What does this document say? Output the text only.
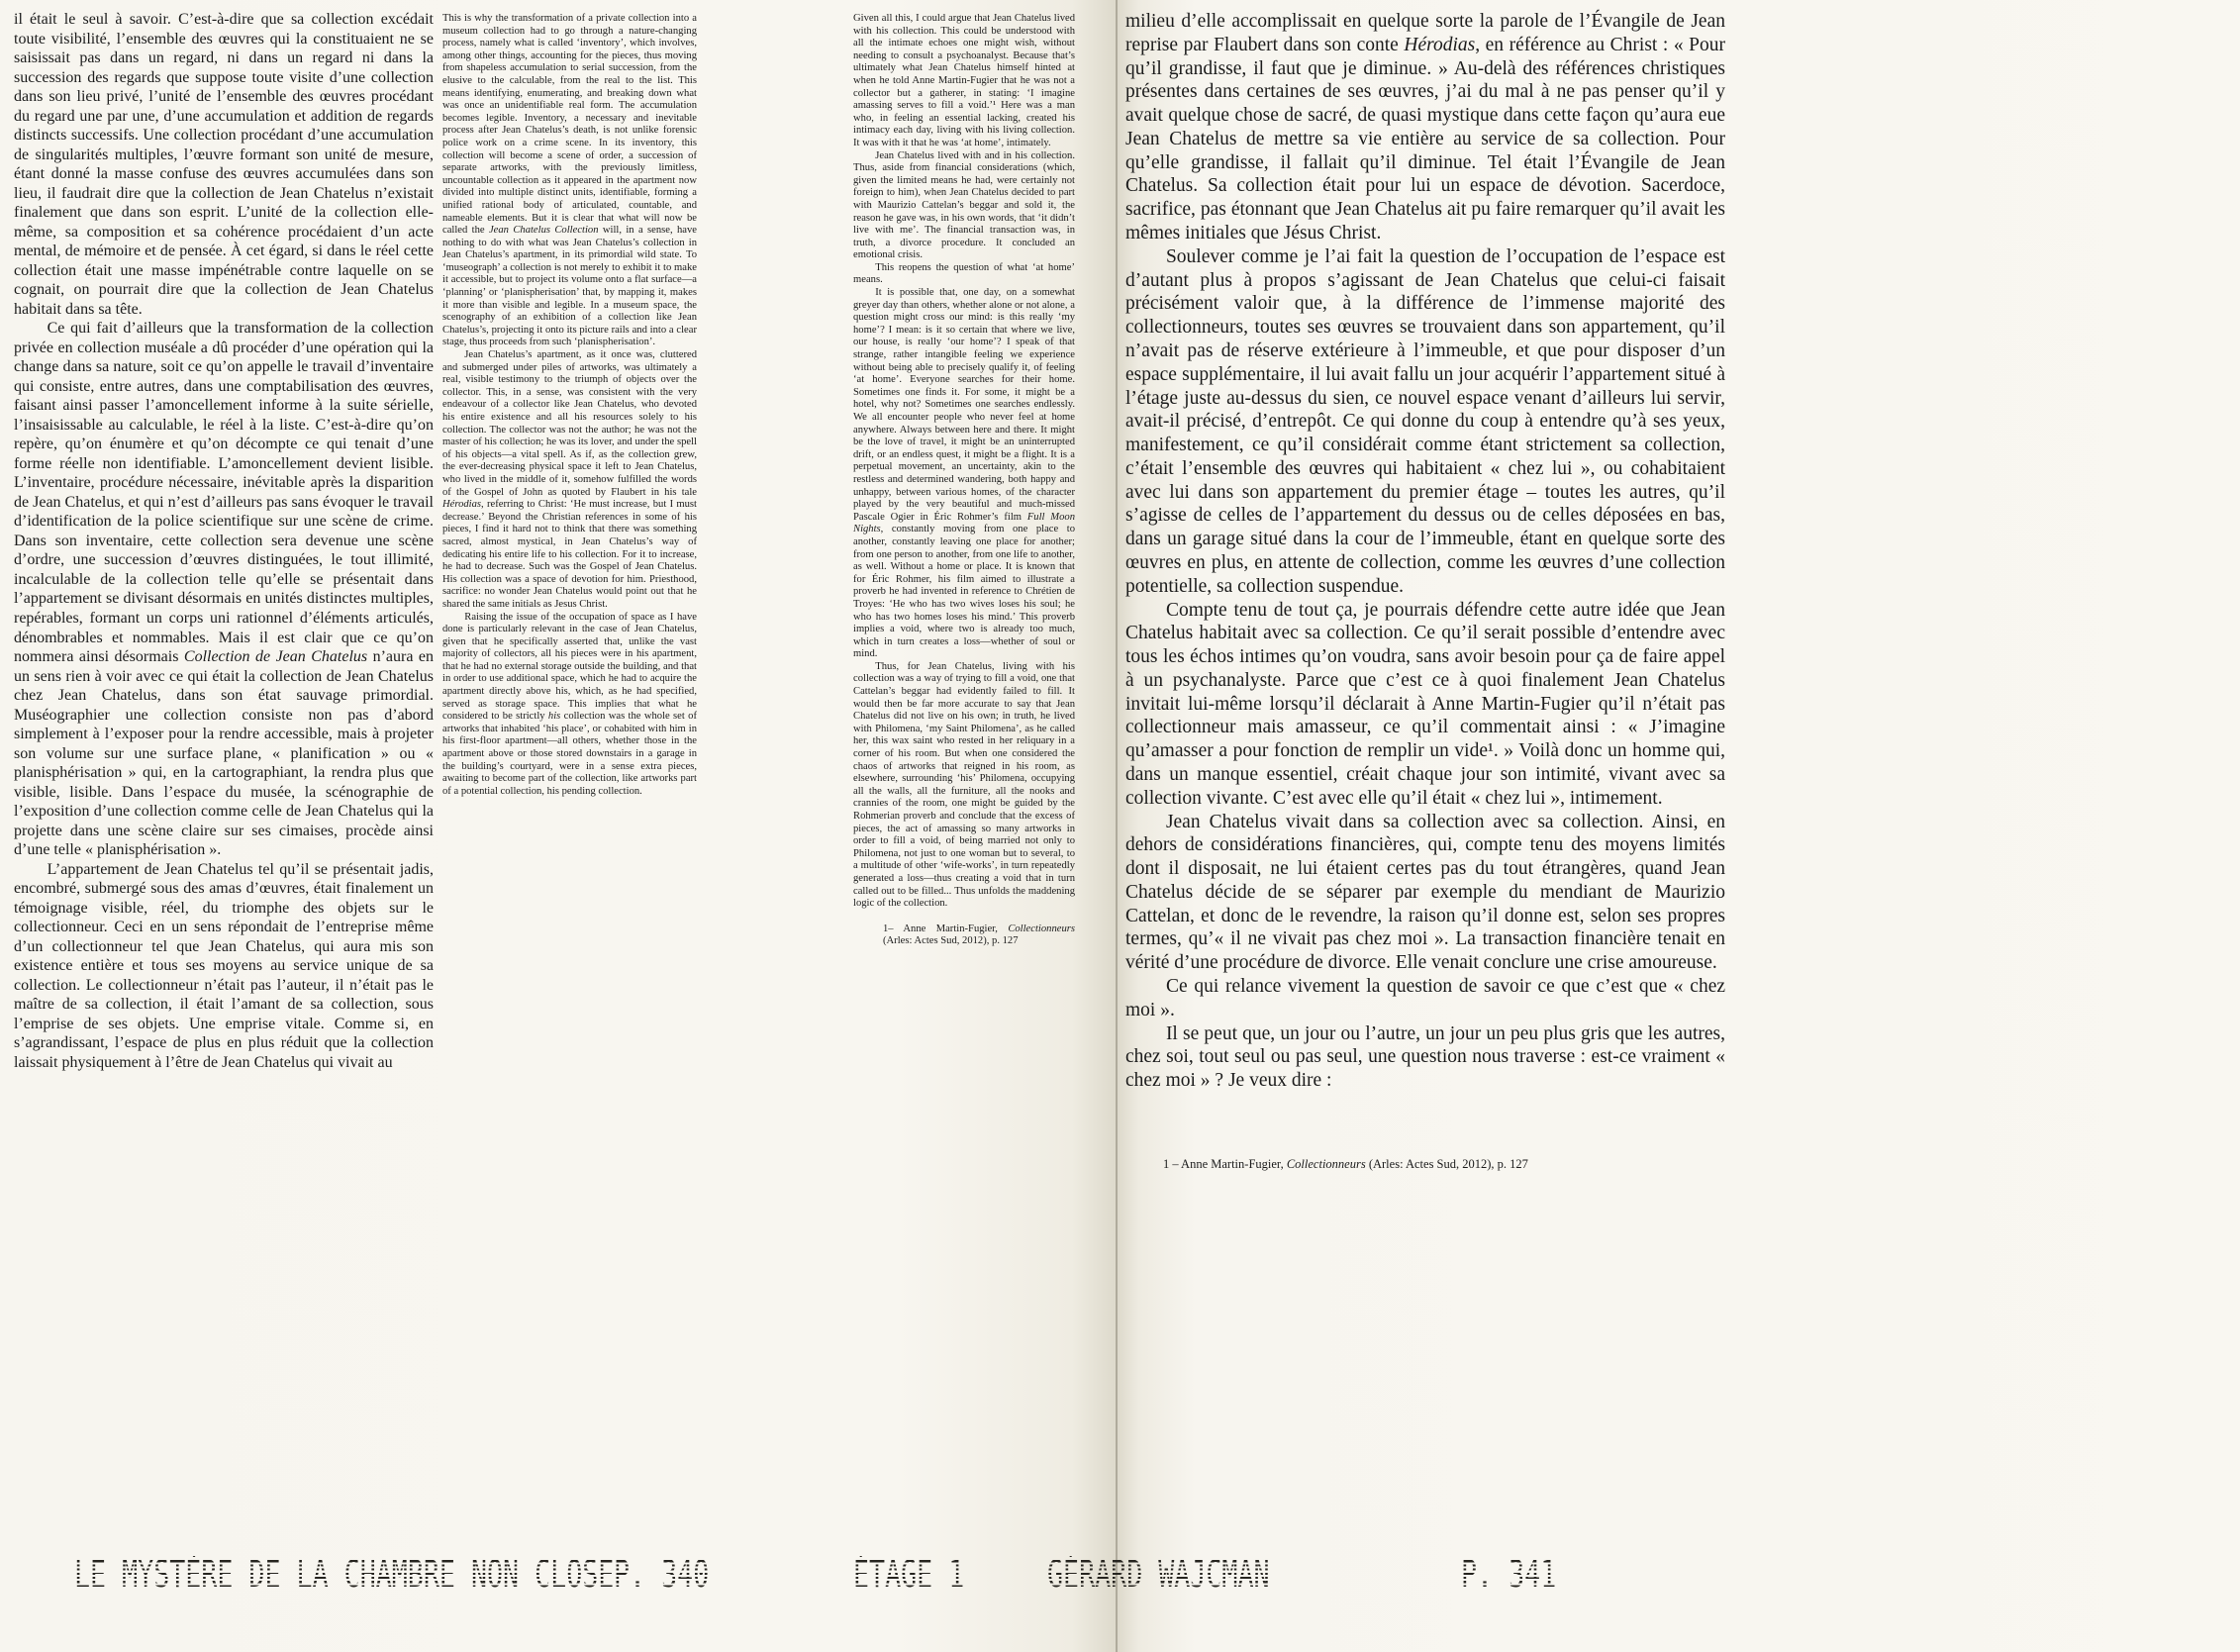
il était le seul à savoir. C’est-à-dire que sa collection excédait toute visibilité, l’ensemble des œuvres qui la constituaient ne se saisissait pas dans un regard, ni dans un regard ni dans la succession des regards que suppose toute visite d’une collection dans son lieu privé, l’unité de l’ensemble des œuvres procédant du regard une par une, d’une accumulation et addition de regards distincts successifs. Une collection procédant d’une accumulation de singularités multiples, l’œuvre formant son unité de mesure, étant donné la masse confuse des œuvres accumulées dans son lieu, il faudrait dire que la collection de Jean Chatelus n’existait finalement que dans son esprit. L’unité de la collection elle-même, sa composition et sa cohérence procédaient d’un acte mental, de mémoire et de pensée. À cet égard, si dans le réel cette collection était une masse impénétrable contre laquelle on se cognait, on pourrait dire que la collection de Jean Chatelus habitait dans sa tête.

Ce qui fait d’ailleurs que la transformation de la collection privée en collection muséale a dû procéder d’une opération qui la change dans sa nature, soit ce qu’on appelle le travail d’inventaire qui consiste, entre autres, dans une comptabilisation des œuvres, faisant ainsi passer l’amoncellement informe à la suite sérielle, l’insaisissable au calculable, le réel à la liste. C’est-à-dire qu’on repère, qu’on énumère et qu’on décompte ce qui tenait d’une forme réelle non identifiable. L’amoncellement devient lisible. L’inventaire, procédure nécessaire, inévitable après la disparition de Jean Chatelus, et qui n’est d’ailleurs pas sans évoquer le travail d’identification de la police scientifique sur une scène de crime. Dans son inventaire, cette collection sera devenue une scène d’ordre, une succession d’œuvres distinguées, le tout illimité, incalculable de la collection telle qu’elle se présentait dans l’appartement se divisant désormais en unités distinctes multiples, repérables, formant un corps uni rationnel d’éléments articulés, dénombrables et nommables. Mais il est clair que ce qu’on nommera ainsi désormais Collection de Jean Chatelus n’aura en un sens rien à voir avec ce qui était la collection de Jean Chatelus chez Jean Chatelus, dans son état sauvage primordial. Muséographier une collection consiste non pas d’abord simplement à l’exposer pour la rendre accessible, mais à projeter son volume sur une surface plane, « planification » ou « planisphérisation » qui, en la cartographiant, la rendra plus que visible, lisible. Dans l’espace du musée, la scénographie de l’exposition d’une collection comme celle de Jean Chatelus qui la projette dans une scène claire sur ses cimaises, procède ainsi d’une telle « planisphérisation ».

L’appartement de Jean Chatelus tel qu’il se présentait jadis, encombré, submergé sous des amas d’œuvres, était finalement un témoignage visible, réel, du triomphe des objets sur le collectionneur. Ceci en un sens répondait de l’entreprise même d’un collectionneur tel que Jean Chatelus, qui aura mis son existence entière et tous ses moyens au service unique de sa collection. Le collectionneur n’était pas l’auteur, il n’était pas le maître de sa collection, il était l’amant de sa collection, sous l’emprise de ses objets. Une emprise vitale. Comme si, en s’agrandissant, l’espace de plus en plus réduit que la collection laissait physiquement à l’être de Jean Chatelus qui vivait au

This is why the transformation of a private collection into a museum collection had to go through a nature-changing process, namely what is called ‘inventory’, which involves, among other things, accounting for the pieces, thus moving from shapeless accumulation to serial succession, from the elusive to the calculable, from the real to the list. This means identifying, enumerating, and breaking down what was once an unidentifiable real form. The accumulation becomes legible. Inventory, a necessary and inevitable process after Jean Chatelus’s death, is not unlike forensic police work on a crime scene. In its inventory, this collection will become a scene of order, a succession of separate artworks, with the previously limitless, uncountable collection as it appeared in the apartment now divided into multiple distinct units, identifiable, forming a unified rational body of articulated, countable, and nameable elements. But it is clear that what will now be called the Jean Chatelus Collection will, in a sense, have nothing to do with what was Jean Chatelus’s collection in Jean Chatelus’s apartment, in its primordial wild state. To ‘museograph’ a collection is not merely to exhibit it to make it accessible, but to project its volume onto a flat surface—a ‘planning’ or ‘planispherisation’ that, by mapping it, makes it more than visible and legible. In a museum space, the scenography of an exhibition of a collection like Jean Chatelus’s, projecting it onto its picture rails and into a clear stage, thus proceeds from such ‘planispherisation’.

Jean Chatelus’s apartment, as it once was, cluttered and submerged under piles of artworks, was ultimately a real, visible testimony to the triumph of objects over the collector. This, in a sense, was consistent with the very endeavour of a collector like Jean Chatelus, who devoted his entire existence and all his resources solely to his collection. The collector was not the author; he was not the master of his collection; he was its lover, and under the spell of his objects—a vital spell. As if, as the collection grew, the ever-decreasing physical space it left to Jean Chatelus, who lived in the middle of it, somehow fulfilled the words of the Gospel of John as quoted by Flaubert in his tale Hérodias, referring to Christ: ‘He must increase, but I must decrease.’ Beyond the Christian references in some of his pieces, I find it hard not to think that there was something sacred, almost mystical, in Jean Chatelus’s way of dedicating his entire life to his collection. For it to increase, he had to decrease. Such was the Gospel of Jean Chatelus. His collection was a space of devotion for him. Priesthood, sacrifice: no wonder Jean Chatelus would point out that he shared the same initials as Jesus Christ.

Raising the issue of the occupation of space as I have done is particularly relevant in the case of Jean Chatelus, given that he specifically asserted that, unlike the vast majority of collectors, all his pieces were in his apartment, that he had no external storage outside the building, and that in order to use additional space, which he had to acquire the apartment directly above his, which, as he had specified, served as storage space. This implies that what he considered to be strictly his collection was the whole set of artworks that inhabited ‘his place’, or cohabited with him in his first-floor apartment—all others, whether those in the apartment above or those stored downstairs in a garage in the building’s courtyard, were in a sense extra pieces, awaiting to become part of the collection, like artworks part of a potential collection, his pending collection.

Given all this, I could argue that Jean Chatelus lived with his collection. This could be understood with all the intimate echoes one might wish, without needing to consult a psychoanalyst. Because that’s ultimately what Jean Chatelus himself hinted at when he told Anne Martin-Fugier that he was not a collector but a gatherer, in stating: ‘I imagine amassing serves to fill a void.’¹ Here was a man who, in feeling an essential lacking, created his intimacy each day, living with his living collection. It was with it that he was ‘at home’, intimately.

Jean Chatelus lived with and in his collection. Thus, aside from financial considerations (which, given the limited means he had, were certainly not foreign to him), when Jean Chatelus decided to part with Maurizio Cattelan’s beggar and sold it, the reason he gave was, in his own words, that ‘it didn’t live with me’. The financial transaction was, in truth, a divorce procedure. It concluded an emotional crisis.

This reopens the question of what ‘at home’ means.

It is possible that, one day, on a somewhat greyer day than others, whether alone or not alone, a question might cross our mind: is this really ‘my home’? I mean: is it so certain that where we live, our house, is really ‘our home’? I speak of that strange, rather intangible feeling we experience without being able to precisely qualify it, of feeling ‘at home’. Everyone searches for their home. Sometimes one finds it. For some, it might be a hotel, why not? Sometimes one searches endlessly. We all encounter people who never feel at home anywhere. Always between here and there. It might be the love of travel, it might be an uninterrupted drift, or an endless quest, it might be a flight. It is a perpetual movement, an uncertainty, akin to the restless and determined wandering, both happy and unhappy, between various homes, of the character played by the very beautiful and much-missed Pascale Ogier in Éric Rohmer’s film Full Moon Nights, constantly moving from one place to another, constantly leaving one place for another; from one person to another, from one life to another, as well. Without a home or place. It is known that for Éric Rohmer, his film aimed to illustrate a proverb he had invented in reference to Chrétien de Troyes: ‘He who has two wives loses his soul; he who has two homes loses his mind.’ This proverb implies a void, where two is already too much, which in turn creates a loss—whether of soul or mind.

Thus, for Jean Chatelus, living with his collection was a way of trying to fill a void, one that Cattelan’s beggar had evidently failed to fill. It would then be far more accurate to say that Jean Chatelus did not live on his own; in truth, he lived with Philomena, ‘my Saint Philomena’, as he called her, this wax saint who rested in her reliquary in a corner of his room. But when one considered the chaos of artworks that reigned in his room, as elsewhere, surrounding ‘his’ Philomena, occupying all the walls, all the furniture, all the nooks and crannies of the room, one might be guided by the Rohmerian proverb and conclude that the excess of pieces, the act of amassing so many artworks in order to fill a void, of being married not only to Philomena, not just to one woman but to several, to a multitude of other ‘wife-works’, in turn repeatedly generated a loss—thus creating a void that in turn called out to be filled... Thus unfolds the maddening logic of the collection.

1– Anne Martin-Fugier, Collectionneurs (Arles: Actes Sud, 2012), p. 127

milieu d’elle accomplissait en quelque sorte la parole de l’Évangile de Jean reprise par Flaubert dans son conte Hérodias, en référence au Christ : « Pour qu’il grandisse, il faut que je diminue. » Au-delà des références christiques présentes dans certaines de ses œuvres, j’ai du mal à ne pas penser qu’il y avait quelque chose de sacré, de quasi mystique dans cette façon qu’aura eue Jean Chatelus de mettre sa vie entière au service de sa collection. Pour qu’elle grandisse, il fallait qu’il diminue. Tel était l’Évangile de Jean Chatelus. Sa collection était pour lui un espace de dévotion. Sacerdoce, sacrifice, pas étonnant que Jean Chatelus ait pu faire remarquer qu’il avait les mêmes initiales que Jésus Christ.

Soulever comme je l’ai fait la question de l’occupation de l’espace est d’autant plus à propos s’agissant de Jean Chatelus que celui-ci faisait précisément valoir que, à la différence de l’immense majorité des collectionneurs, toutes ses œuvres se trouvaient dans son appartement, qu’il n’avait pas de réserve extérieure à l’immeuble, et que pour disposer d’un espace supplémentaire, il lui avait fallu un jour acquérir l’appartement situé à l’étage juste au-dessus du sien, ce nouvel espace venant d’ailleurs lui servir, avait-il précisé, d’entrepôt. Ce qui donne du coup à entendre qu’à ses yeux, manifestement, ce qu’il considérait comme étant strictement sa collection, c’était l’ensemble des œuvres qui habitaient « chez lui », ou cohabitaient avec lui dans son appartement du premier étage – toutes les autres, qu’il s’agisse de celles de l’appartement du dessus ou de celles déposées en bas, dans un garage situé dans la cour de l’immeuble, étant en quelque sorte des œuvres en plus, en attente de collection, comme les œuvres d’une collection potentielle, sa collection suspendue.

Compte tenu de tout ça, je pourrais défendre cette autre idée que Jean Chatelus habitait avec sa collection. Ce qu’il serait possible d’entendre avec tous les échos intimes qu’on voudra, sans avoir besoin pour ça de faire appel à un psychanalyste. Parce que c’est ce à quoi finalement Jean Chatelus invitait lui-même lorsqu’il déclarait à Anne Martin-Fugier qu’il n’était pas collectionneur mais amasseur, ce qu’il commentait ainsi : « J’imagine qu’amasser a pour fonction de remplir un vide¹. » Voilà donc un homme qui, dans un manque essentiel, créait chaque jour son intimité, vivant avec sa collection vivante. C’est avec elle qu’il était « chez lui », intimement.

Jean Chatelus vivait dans sa collection avec sa collection. Ainsi, en dehors de considérations financières, qui, compte tenu des moyens limités dont il disposait, ne lui étaient certes pas du tout étrangères, quand Jean Chatelus décide de se séparer par exemple du mendiant de Maurizio Cattelan, et donc de le revendre, la raison qu’il donne est, selon ses propres termes, qu’« il ne vivait pas chez moi ». La transaction financière tenait en vérité d’une procédure de divorce. Elle venait conclure une crise amoureuse.

Ce qui relance vivement la question de savoir ce que c’est que « chez moi ».

Il se peut que, un jour ou l’autre, un jour un peu plus gris que les autres, chez soi, tout seul ou pas seul, une question nous traverse : est-ce vraiment « chez moi » ? Je veux dire :

1 – Anne Martin-Fugier, Collectionneurs (Arles: Actes Sud, 2012), p. 127

LE MYSTÈRE DE LA CHAMBRE NON CLOSE P. 340	ÉTAGE 1 GÉRARD WAJCMAN	P. 341
